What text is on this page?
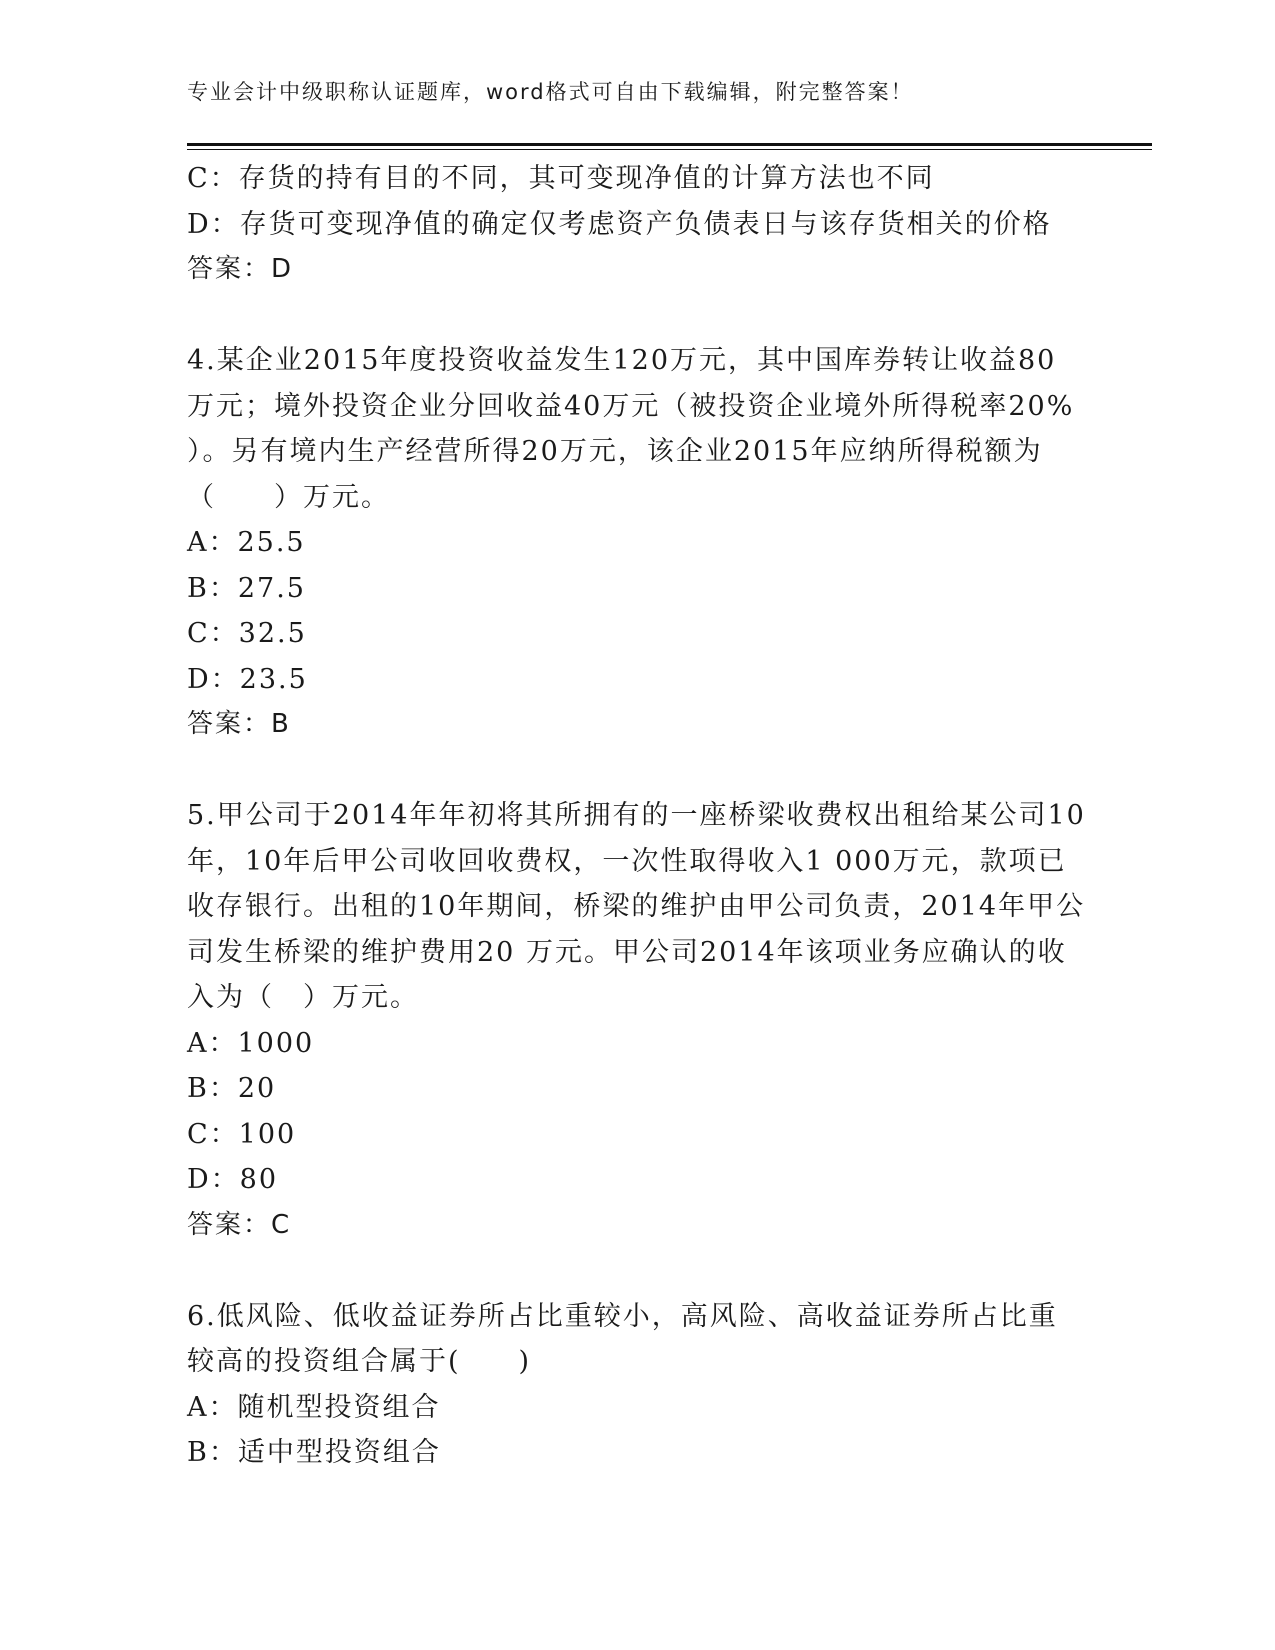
专业会计中级职称认证题库，word格式可自由下载编辑，附完整答案！
C：存货的持有目的不同，其可变现净值的计算方法也不同
D：存货可变现净值的确定仅考虑资产负债表日与该存货相关的价格
答案：D
4.某企业2015年度投资收益发生120万元，其中国库券转让收益80
万元；境外投资企业分回收益40万元（被投资企业境外所得税率20%
）。另有境内生产经营所得20万元，该企业2015年应纳所得税额为
（　　）万元。
A：25.5
B：27.5
C：32.5
D：23.5
答案：B
5.甲公司于2014年年初将其所拥有的一座桥梁收费权出租给某公司10
年，10年后甲公司收回收费权，一次性取得收入1 000万元，款项已
收存银行。出租的10年期间，桥梁的维护由甲公司负责，2014年甲公
司发生桥梁的维护费用20 万元。甲公司2014年该项业务应确认的收
入为（　）万元。
A：1000
B：20
C：100
D：80
答案：C
6.低风险、低收益证券所占比重较小，高风险、高收益证券所占比重
较高的投资组合属于(　　)
A：随机型投资组合
B：适中型投资组合
